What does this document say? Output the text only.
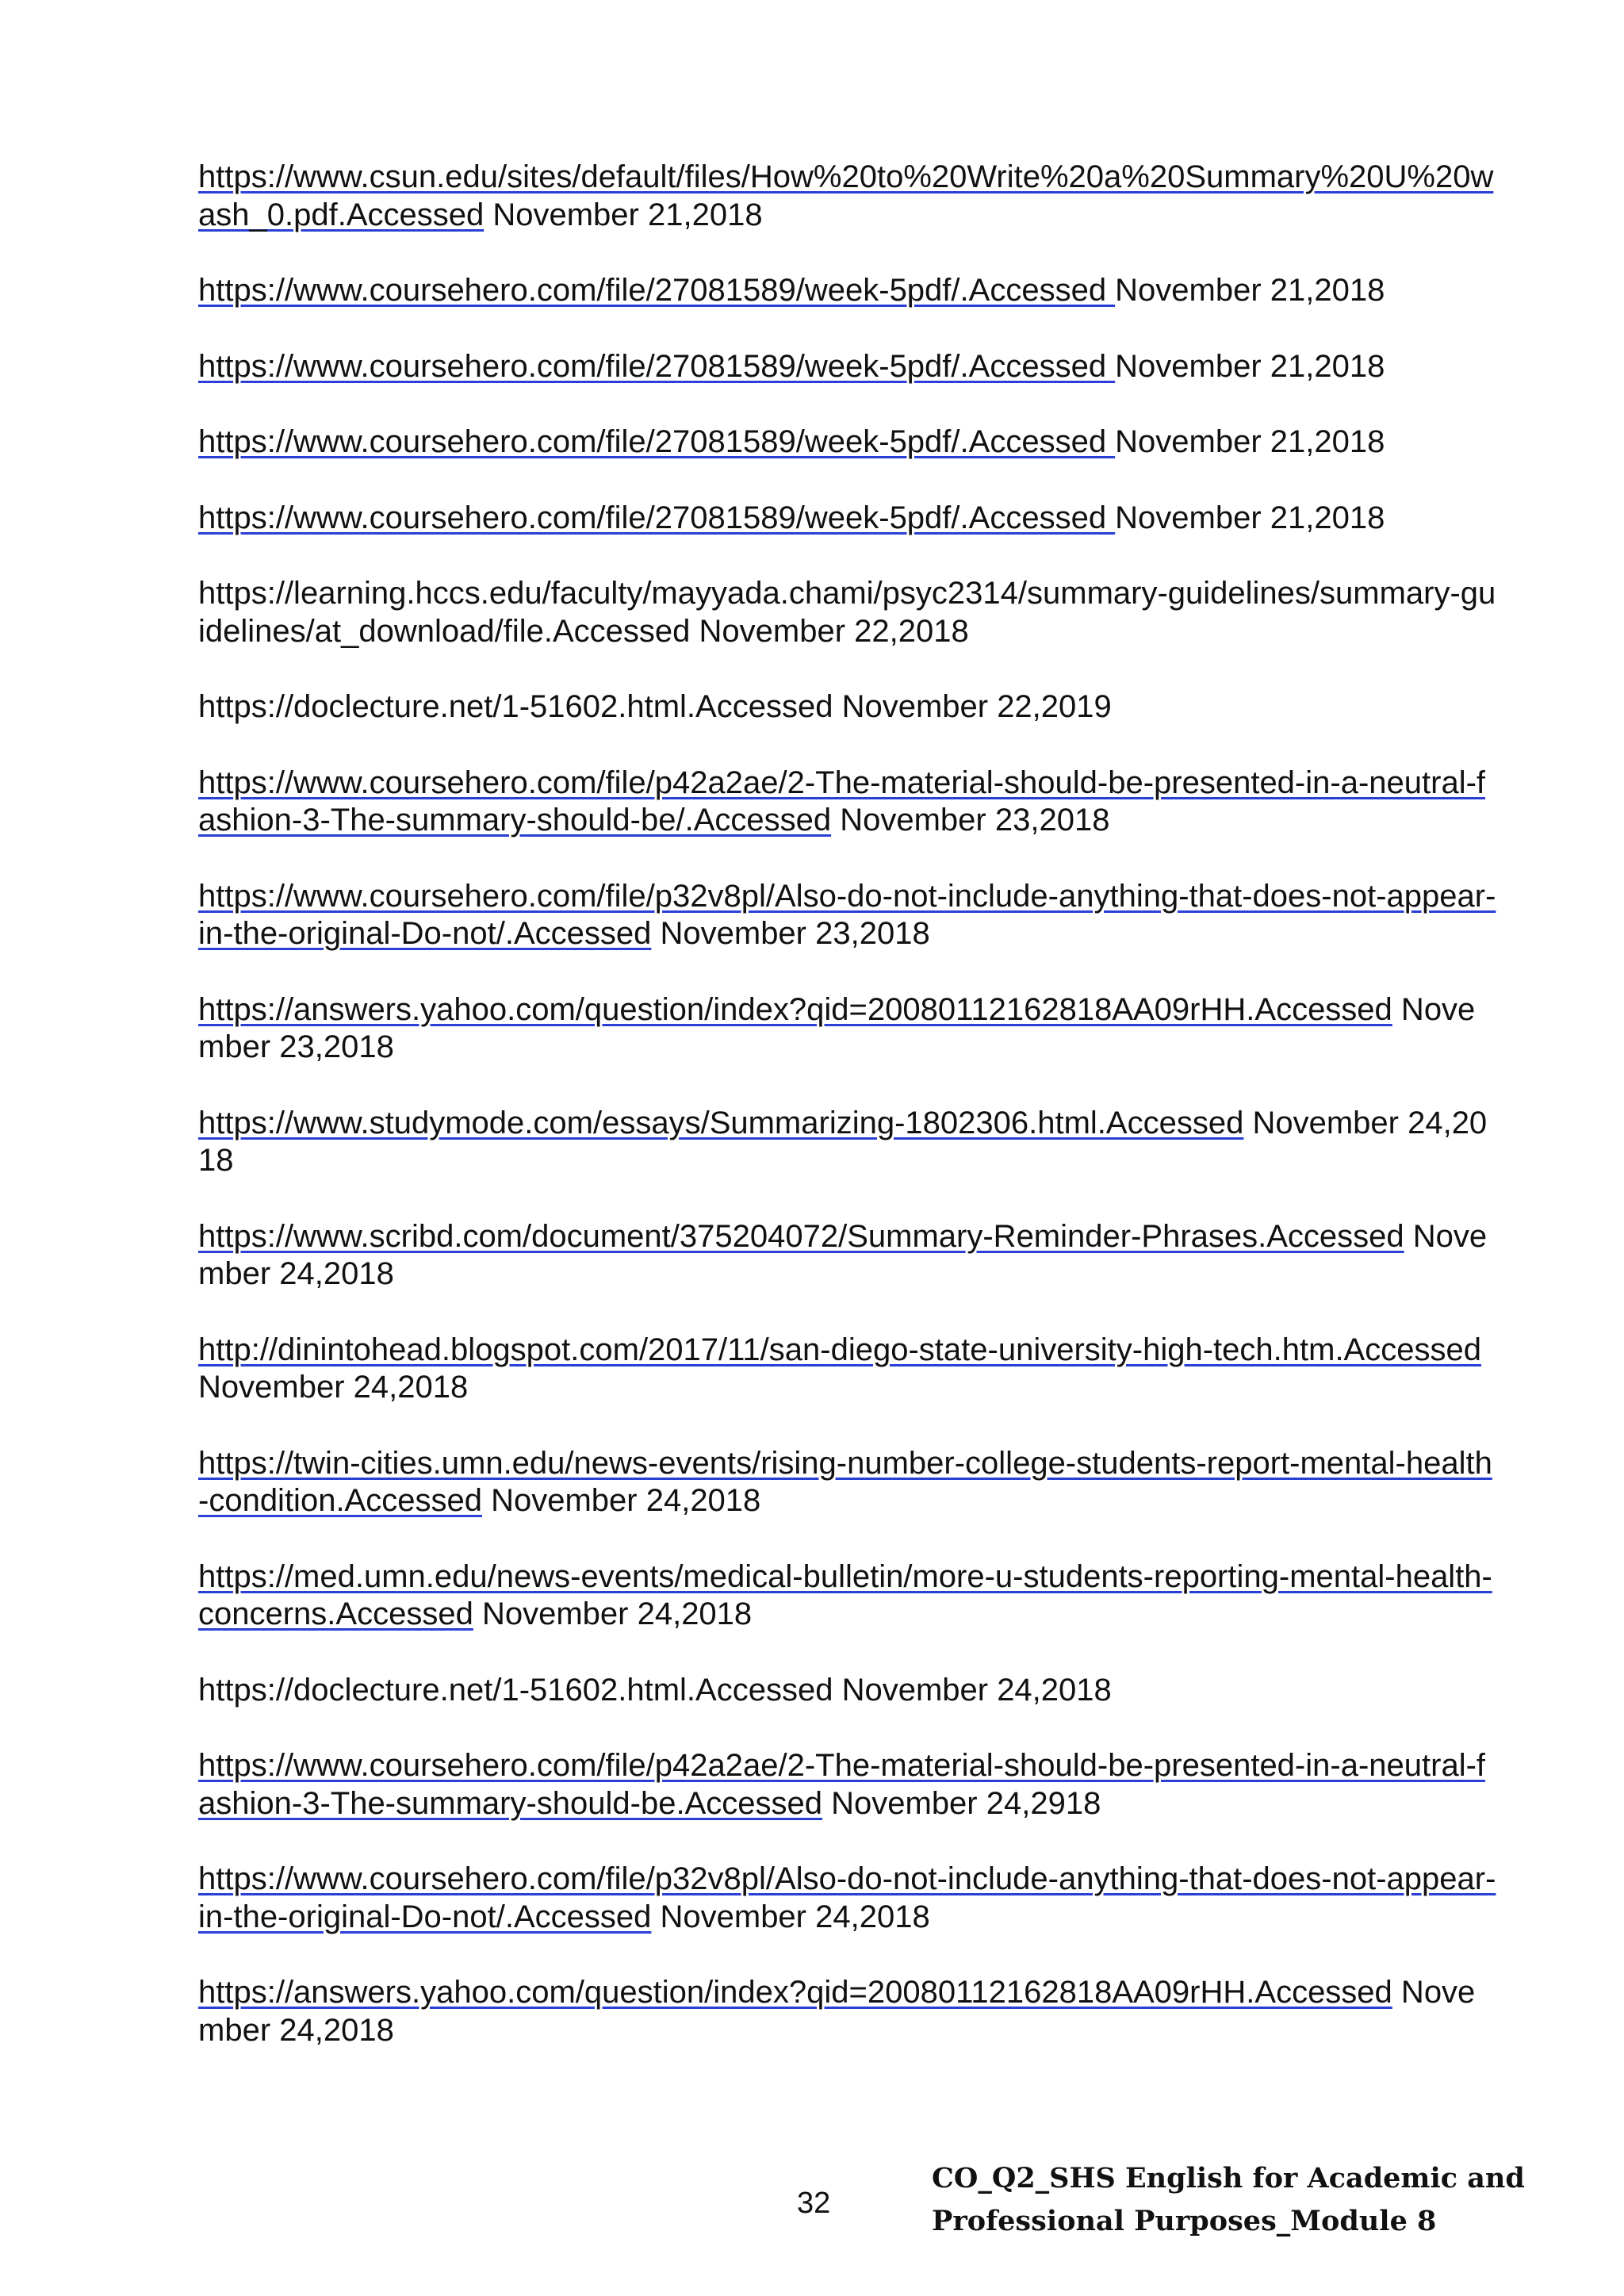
https://www.csun.edu/sites/default/files/How%20to%20Write%20a%20Summary%20U%20wash_0.pdf.Accessed November 21,2018
https://www.coursehero.com/file/27081589/week-5pdf/.Accessed November 21,2018
https://www.coursehero.com/file/27081589/week-5pdf/.Accessed November 21,2018
https://www.coursehero.com/file/27081589/week-5pdf/.Accessed November 21,2018
https://www.coursehero.com/file/27081589/week-5pdf/.Accessed November 21,2018
https://learning.hccs.edu/faculty/mayyada.chami/psyc2314/summary-guidelines/summary-guidelines/at_download/file.Accessed November 22,2018
https://doclecture.net/1-51602.html.Accessed November 22,2019
https://www.coursehero.com/file/p42a2ae/2-The-material-should-be-presented-in-a-neutral-fashion-3-The-summary-should-be/.Accessed November 23,2018
https://www.coursehero.com/file/p32v8pl/Also-do-not-include-anything-that-does-not-appear-in-the-original-Do-not/.Accessed November 23,2018
https://answers.yahoo.com/question/index?qid=20080112162818AA09rHH.Accessed November 23,2018
https://www.studymode.com/essays/Summarizing-1802306.html.Accessed November 24,2018
https://www.scribd.com/document/375204072/Summary-Reminder-Phrases.Accessed November 24,2018
http://dinintohead.blogspot.com/2017/11/san-diego-state-university-high-tech.htm.Accessed November 24,2018
https://twin-cities.umn.edu/news-events/rising-number-college-students-report-mental-health-condition.Accessed November 24,2018
https://med.umn.edu/news-events/medical-bulletin/more-u-students-reporting-mental-health-concerns.Accessed November 24,2018
https://doclecture.net/1-51602.html.Accessed November 24,2018
https://www.coursehero.com/file/p42a2ae/2-The-material-should-be-presented-in-a-neutral-fashion-3-The-summary-should-be.Accessed November 24,2918
https://www.coursehero.com/file/p32v8pl/Also-do-not-include-anything-that-does-not-appear-in-the-original-Do-not/.Accessed November 24,2018
https://answers.yahoo.com/question/index?qid=20080112162818AA09rHH.Accessed November 24,2018
32
CO_Q2_SHS English for Academic and
Professional Purposes_Module 8
